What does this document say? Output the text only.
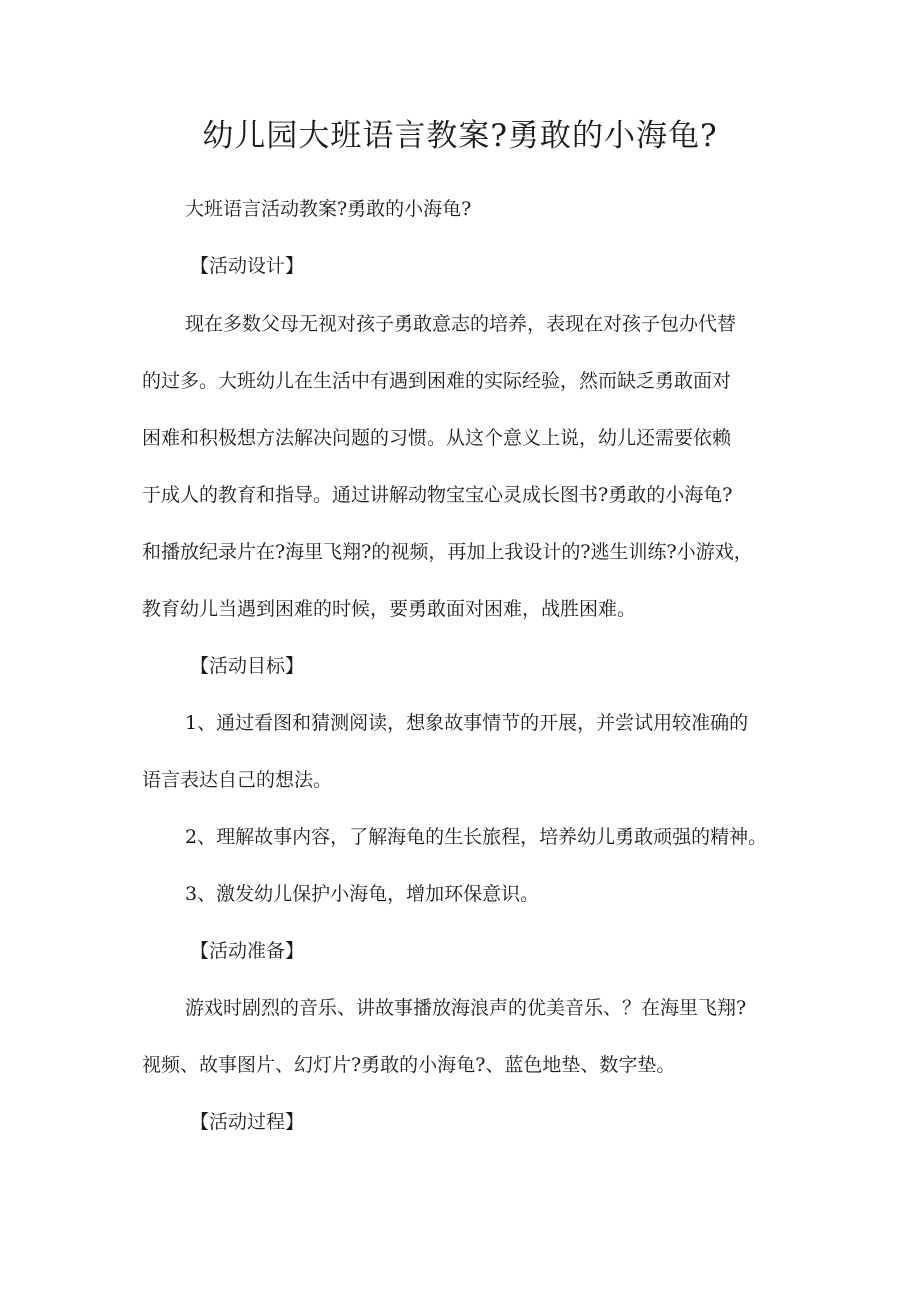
幼儿园大班语言教案?勇敢的小海龟?
大班语言活动教案?勇敢的小海龟?
【活动设计】
现在多数父母无视对孩子勇敢意志的培养，表现在对孩子包办代替
的过多。大班幼儿在生活中有遇到困难的实际经验，然而缺乏勇敢面对
困难和积极想方法解决问题的习惯。从这个意义上说，幼儿还需要依赖
于成人的教育和指导。通过讲解动物宝宝心灵成长图书?勇敢的小海龟?
和播放纪录片在?海里飞翔?的视频，再加上我设计的?逃生训练?小游戏，
教育幼儿当遇到困难的时候，要勇敢面对困难，战胜困难。
【活动目标】
1、通过看图和猜测阅读，想象故事情节的开展，并尝试用较准确的
语言表达自己的想法。
2、理解故事内容，了解海龟的生长旅程，培养幼儿勇敢顽强的精神。
3、激发幼儿保护小海龟，增加环保意识。
【活动准备】
游戏时剧烈的音乐、讲故事播放海浪声的优美音乐、？在海里飞翔?
视频、故事图片、幻灯片?勇敢的小海龟?、蓝色地垫、数字垫。
【活动过程】
